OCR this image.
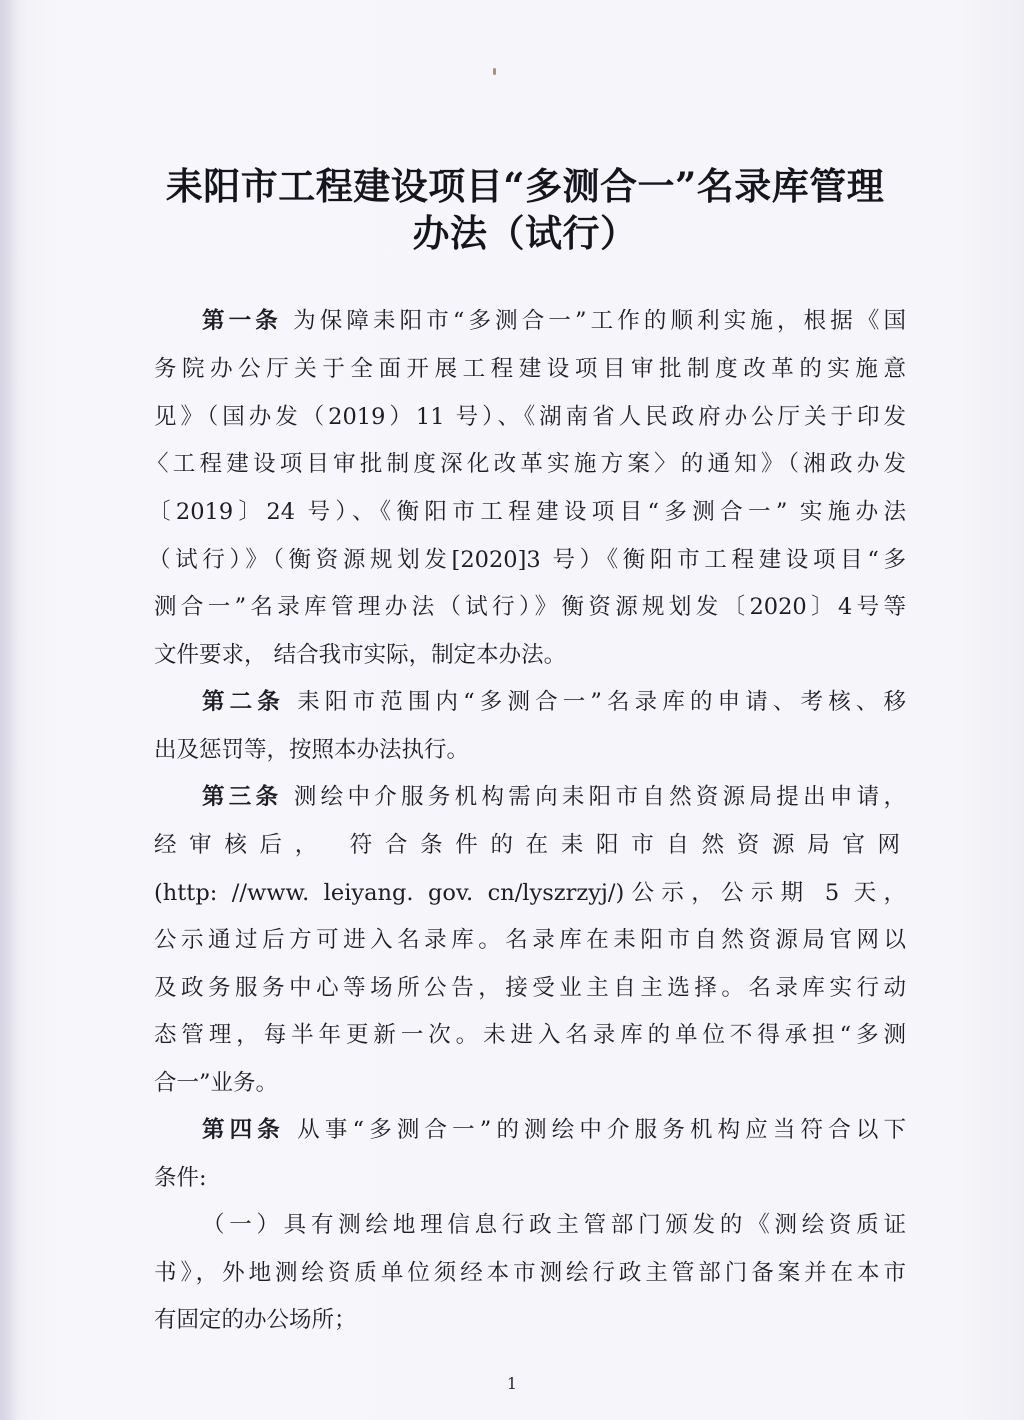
耒阳市工程建设项目“多测合一”名录库管理
办法（试行）
第一条 为保障耒阳市“多测合一”工作的顺利实施，根据《国
务院办公厅关于全面开展工程建设项目审批制度改革的实施意
见》（国办发（2019）11 号）、《湖南省人民政府办公厅关于印发
〈工程建设项目审批制度深化改革实施方案〉的通知》（湘政办发
〔2019〕24 号）、《衡阳市工程建设项目“多测合一” 实施办法
（试行）》（衡资源规划发[2020]3 号）《衡阳市工程建设项目“多
测合一”名录库管理办法（试行）》衡资源规划发〔2020〕4号等
文件要求， 结合我市实际，制定本办法。
第二条 耒阳市范围内“多测合一”名录库的申请、考核、移
出及惩罚等，按照本办法执行。
第三条 测绘中介服务机构需向耒阳市自然资源局提出申请，
经审核后， 符合条件的在耒阳市自然资源局官网
(http: //www. leiyang. gov. cn/lyszrzyj/)公示，公示期 5 天，
公示通过后方可进入名录库。名录库在耒阳市自然资源局官网以
及政务服务中心等场所公告，接受业主自主选择。名录库实行动
态管理，每半年更新一次。未进入名录库的单位不得承担“多测
合一”业务。
第四条 从事“多测合一”的测绘中介服务机构应当符合以下
条件:
（一）具有测绘地理信息行政主管部门颁发的《测绘资质证
书》，外地测绘资质单位须经本市测绘行政主管部门备案并在本市
有固定的办公场所；
1
